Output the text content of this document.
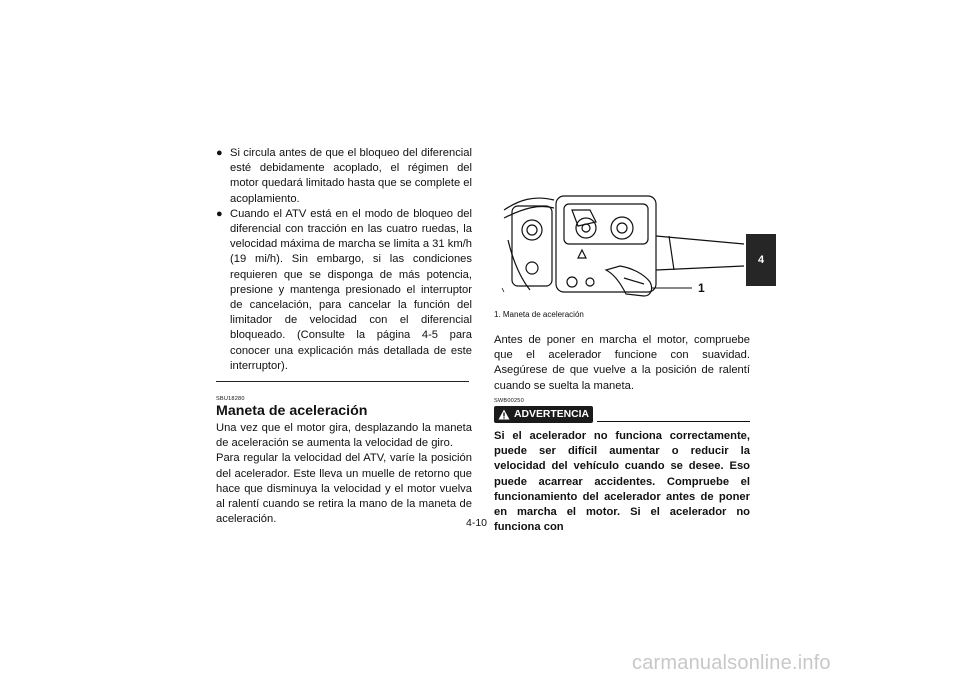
● Si circula antes de que el bloqueo del diferencial esté debidamente acoplado, el régimen del motor quedará limitado hasta que se complete el acoplamiento.
● Cuando el ATV está en el modo de bloqueo del diferencial con tracción en las cuatro ruedas, la velocidad máxima de marcha se limita a 31 km/h (19 mi/h). Sin embargo, si las condiciones requieren que se disponga de más potencia, presione y mantenga presionado el interruptor de cancelación, para cancelar la función del limitador de velocidad con el diferencial bloqueado. (Consulte la página 4-5 para conocer una explicación más detallada de este interruptor).
SBU18280
Maneta de aceleración

Una vez que el motor gira, desplazando la maneta de aceleración se aumenta la velocidad de giro.

Para regular la velocidad del ATV, varíe la posición del acelerador. Este lleva un muelle de retorno que hace que disminuya la velocidad y el motor vuelva al ralentí cuando se retira la mano de la maneta de aceleración.

1
1. Maneta de aceleración

Antes de poner en marcha el motor, compruebe que el acelerador funcione con suavidad. Asegúrese de que vuelve a la posición de ralentí cuando se suelta la maneta.

SWB00250
ADVERTENCIA

Si el acelerador no funciona correctamente, puede ser difícil aumentar o reducir la velocidad del vehículo cuando se desee. Eso puede acarrear accidentes. Compruebe el funcionamiento del acelerador antes de poner en marcha el motor. Si el acelerador no funciona con

4-10
4
carmanualsonline.info
